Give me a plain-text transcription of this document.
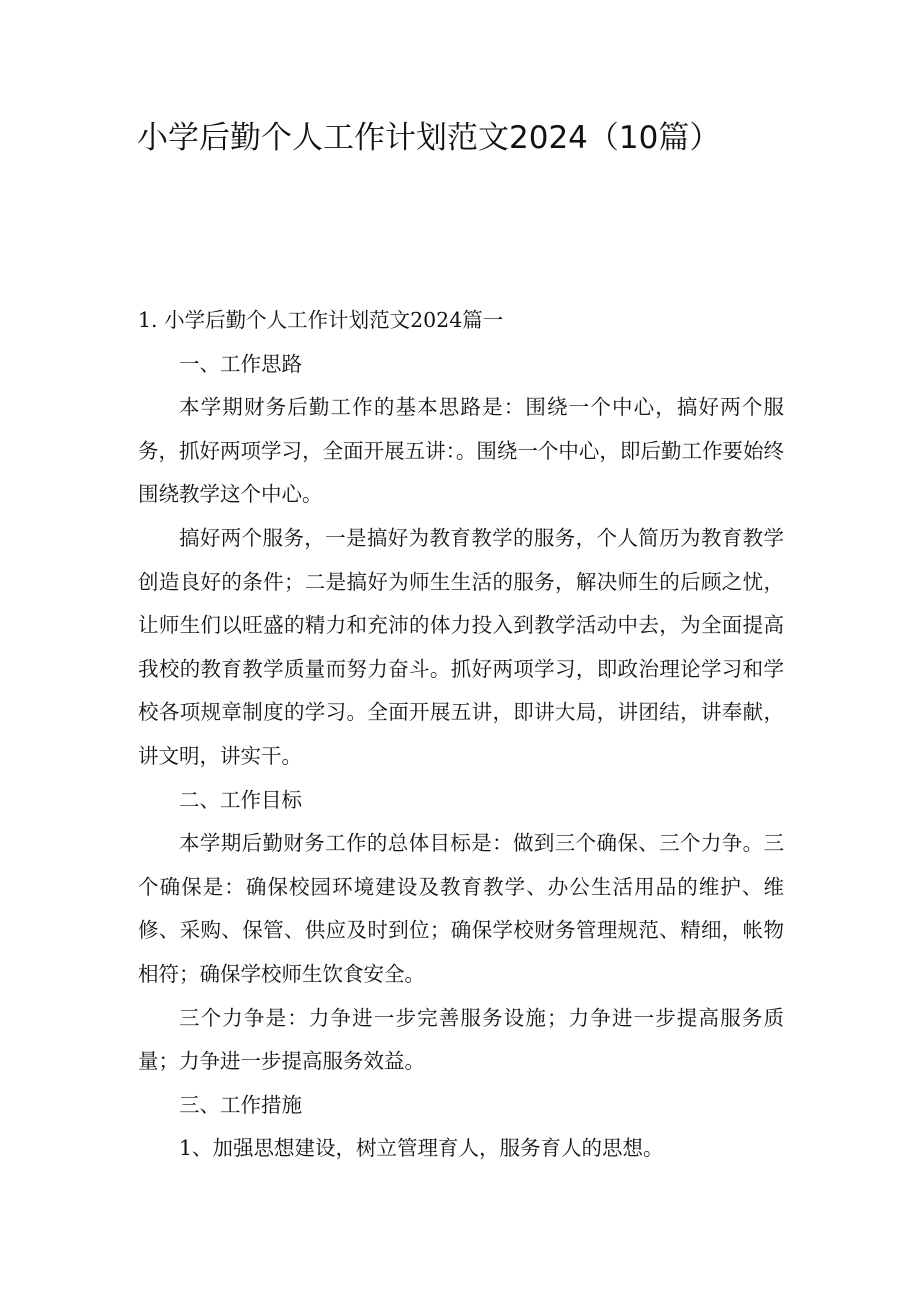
小学后勤个人工作计划范文2024（10篇）

1. 小学后勤个人工作计划范文2024篇一

一、工作思路

本学期财务后勤工作的基本思路是：围绕一个中心，搞好两个服务，抓好两项学习，全面开展五讲：。围绕一个中心，即后勤工作要始终围绕教学这个中心。

搞好两个服务，一是搞好为教育教学的服务，个人简历为教育教学创造良好的条件；二是搞好为师生生活的服务，解决师生的后顾之忧，让师生们以旺盛的精力和充沛的体力投入到教学活动中去，为全面提高我校的教育教学质量而努力奋斗。抓好两项学习，即政治理论学习和学校各项规章制度的学习。全面开展五讲，即讲大局，讲团结，讲奉献，讲文明，讲实干。

二、工作目标

本学期后勤财务工作的总体目标是：做到三个确保、三个力争。三个确保是：确保校园环境建设及教育教学、办公生活用品的维护、维修、采购、保管、供应及时到位；确保学校财务管理规范、精细，帐物相符；确保学校师生饮食安全。

三个力争是：力争进一步完善服务设施；力争进一步提高服务质量；力争进一步提高服务效益。

三、工作措施

1、加强思想建设，树立管理育人，服务育人的思想。
